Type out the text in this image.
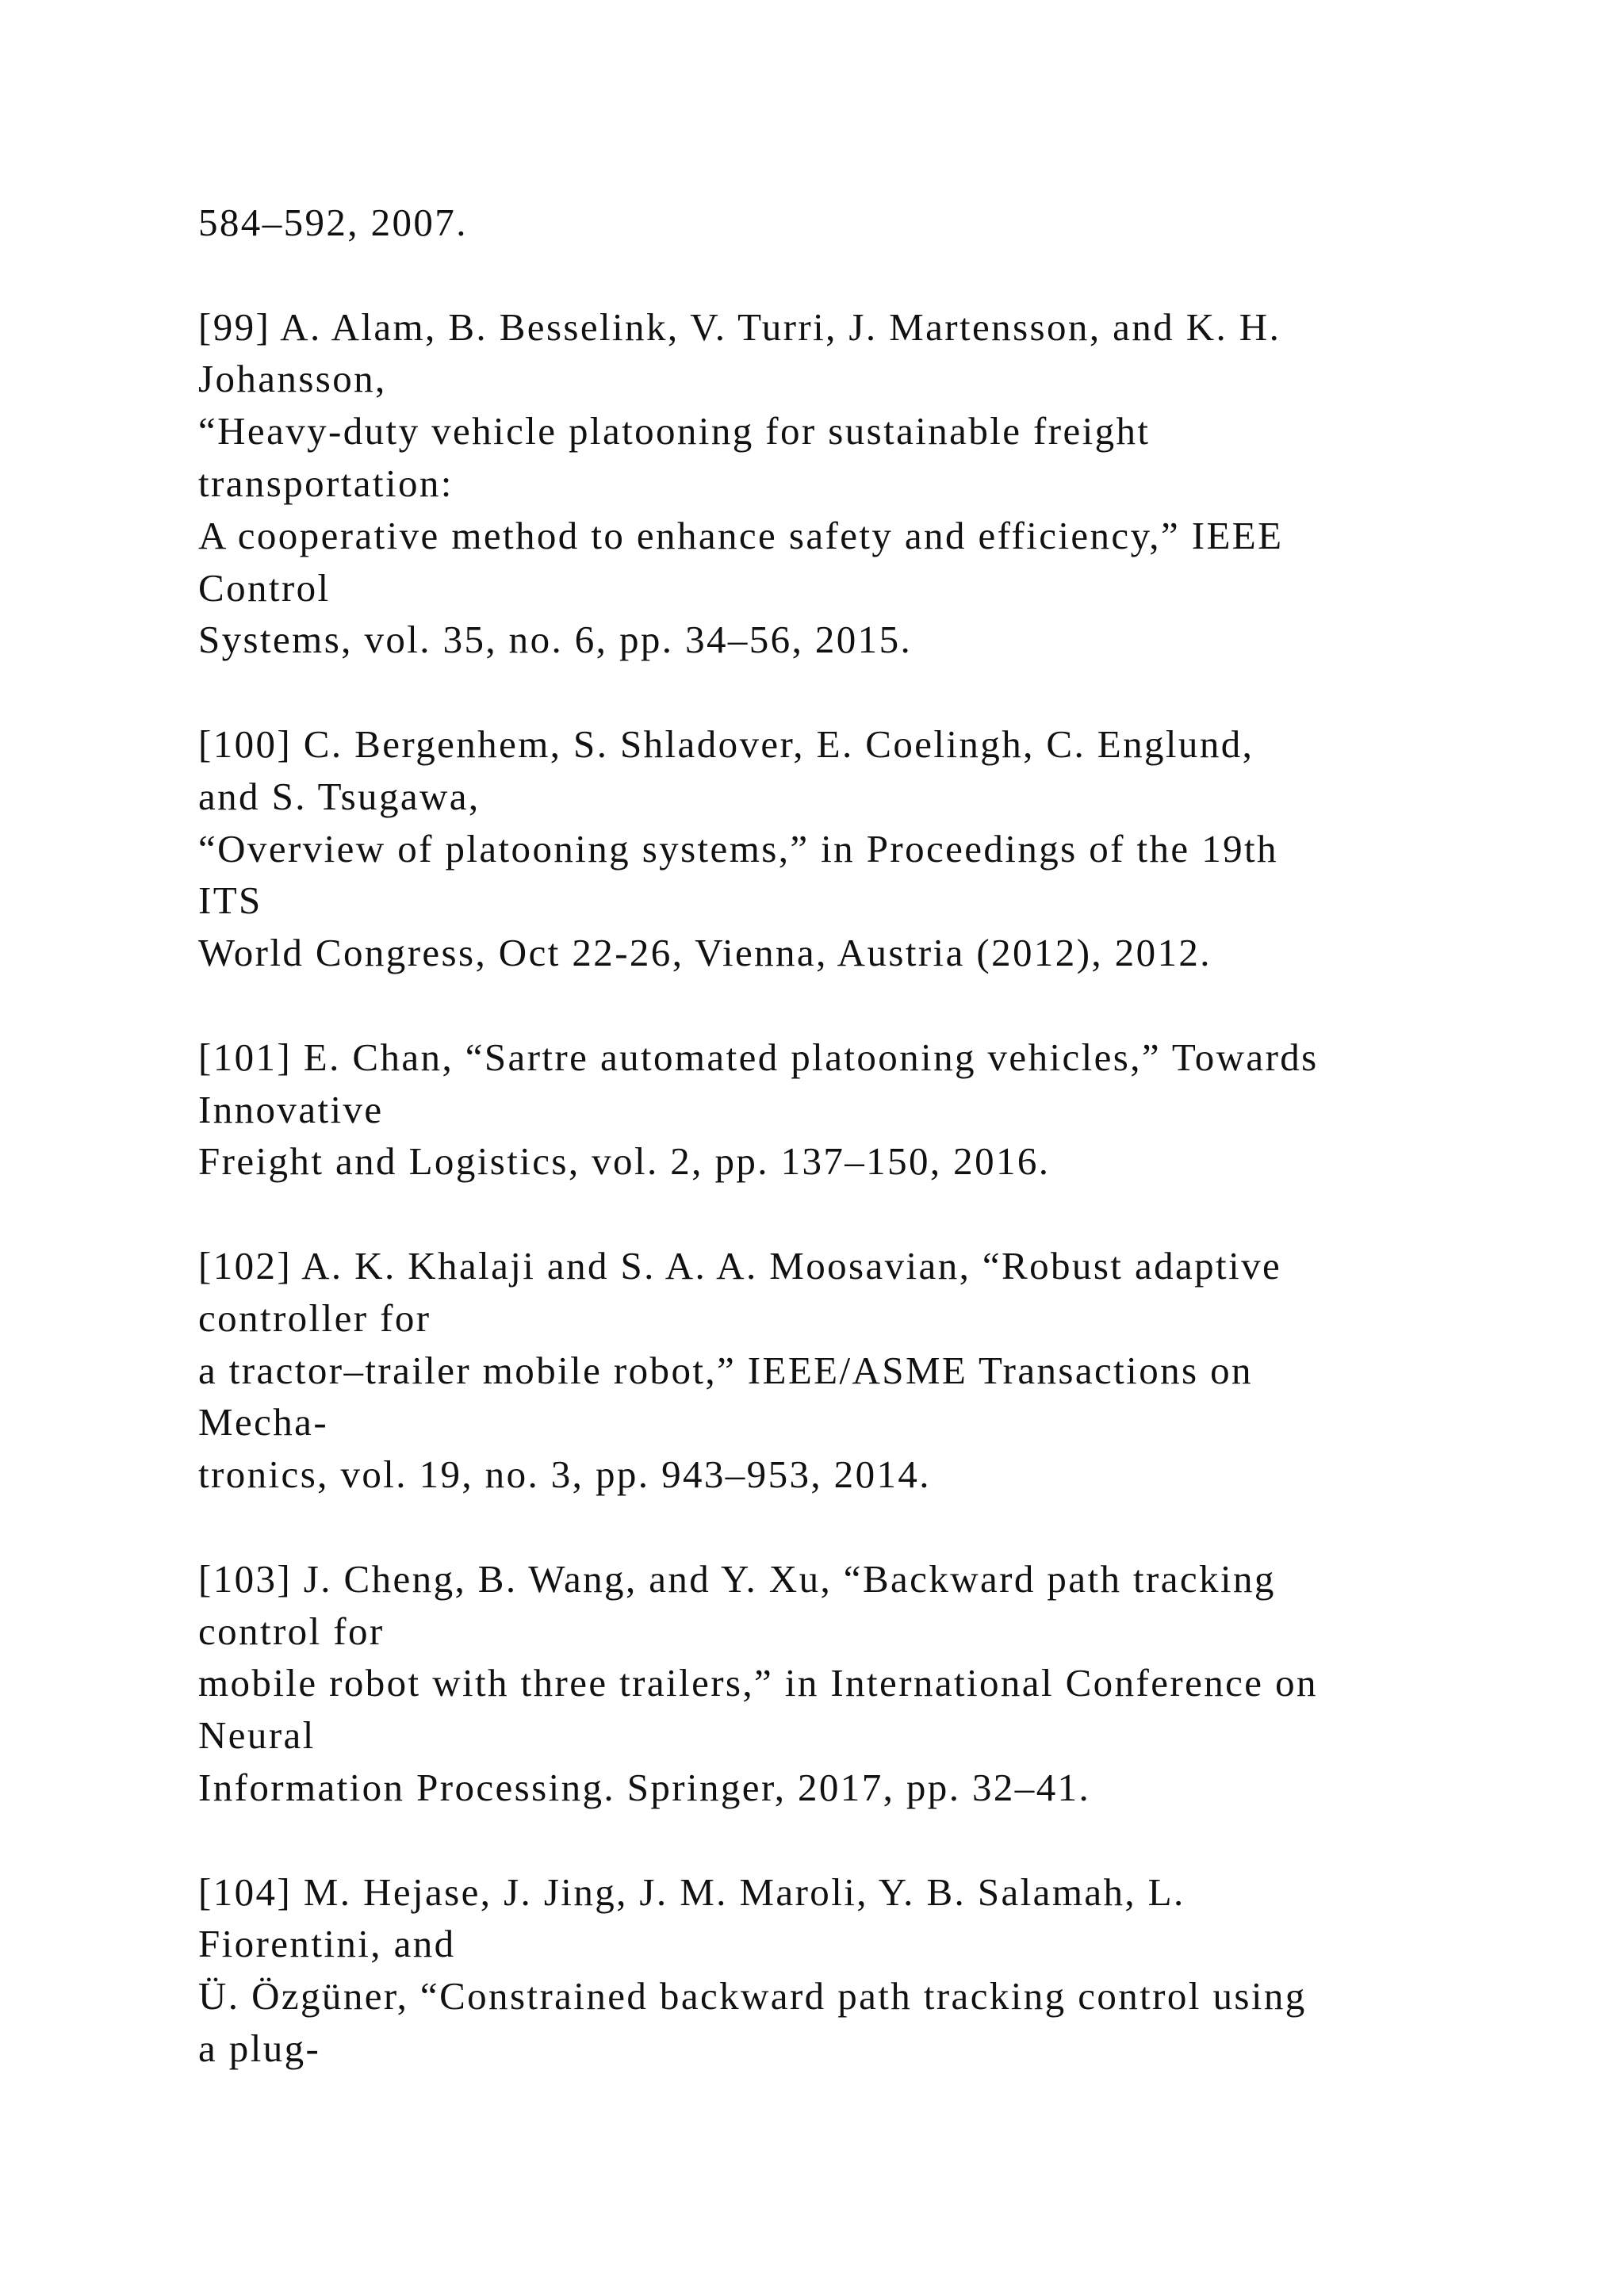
584–592, 2007.
[99] A. Alam, B. Besselink, V. Turri, J. Martensson, and K. H.
Johansson,
“Heavy-duty vehicle platooning for sustainable freight
transportation:
A cooperative method to enhance safety and efficiency,” IEEE
Control
Systems, vol. 35, no. 6, pp. 34–56, 2015.
[100] C. Bergenhem, S. Shladover, E. Coelingh, C. Englund,
and S. Tsugawa,
“Overview of platooning systems,” in Proceedings of the 19th
ITS
World Congress, Oct 22-26, Vienna, Austria (2012), 2012.
[101] E. Chan, “Sartre automated platooning vehicles,” Towards
Innovative
Freight and Logistics, vol. 2, pp. 137–150, 2016.
[102] A. K. Khalaji and S. A. A. Moosavian, “Robust adaptive
controller for
a tractor–trailer mobile robot,” IEEE/ASME Transactions on
Mecha-
tronics, vol. 19, no. 3, pp. 943–953, 2014.
[103] J. Cheng, B. Wang, and Y. Xu, “Backward path tracking
control for
mobile robot with three trailers,” in International Conference on
Neural
Information Processing. Springer, 2017, pp. 32–41.
[104] M. Hejase, J. Jing, J. M. Maroli, Y. B. Salamah, L.
Fiorentini, and
Ü. Özgüner, “Constrained backward path tracking control using
a plug-
